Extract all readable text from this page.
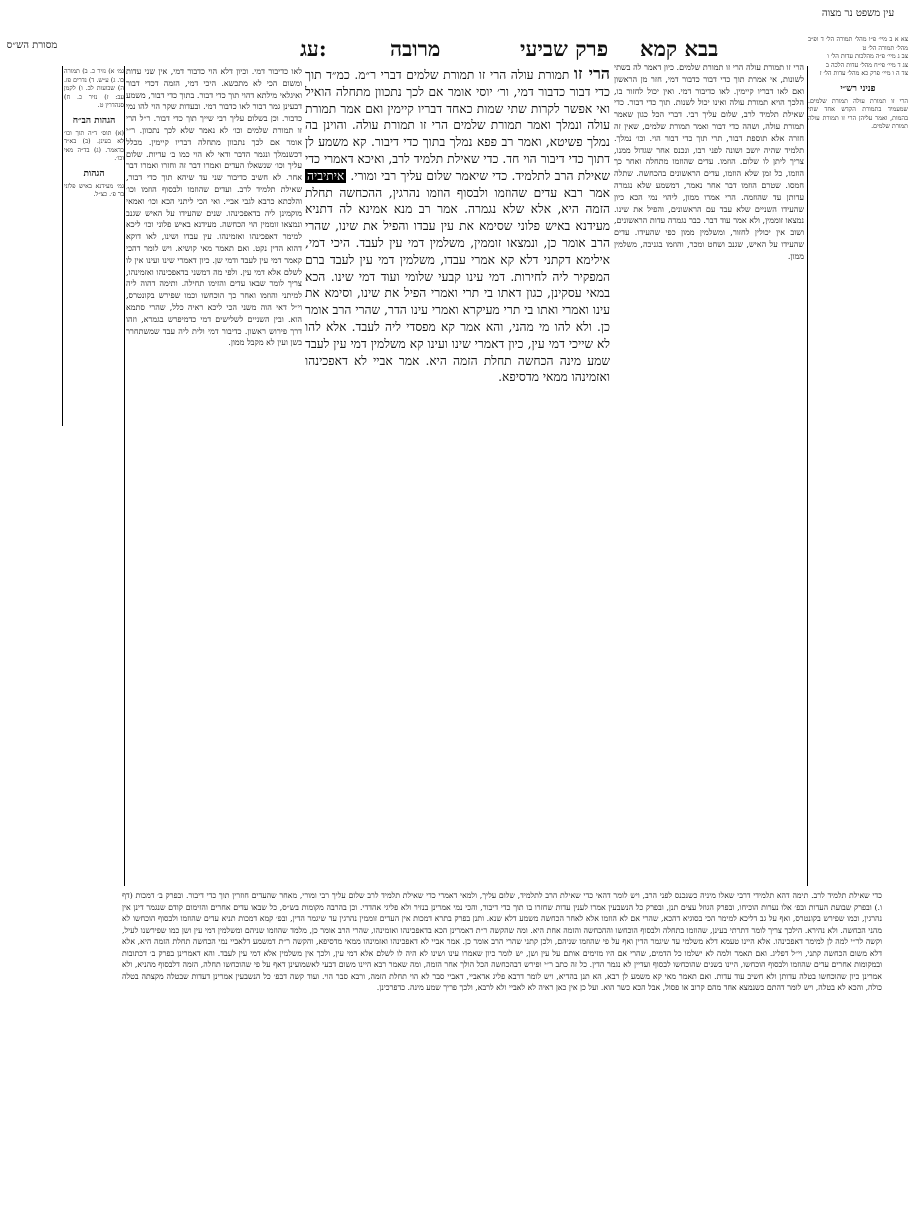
עין משפט נר מצוה
מסורת הש״ס	עג:	מרובה	פרק שביעי בבא קמא	צא א ב מיי׳ פ״ו מהל׳ תמורה הל׳ ד ופ״ב מהל׳ תמורה הל׳ ט

צב ג מיי׳ פ״ה מהלכות עדות הל׳ ו

צג ד מיי׳ פי״ח מהל׳ עדות הלכה ב

צד ה ו מיי׳ פרק כא מהל׳ עדות הל׳ ז

פניני רש״י

הרי זו תמורת עולה תמורת שלמים. שמעמיד בתמורת הקדש אחד שתי בהמות, ואמר עליהן הרי זו תמורת עולה תמורת שלמים.

גמ׳ א) נזיר כ. ב) תמורה כו. ג) ע״ש. ד) נדרים פז. ה) שבועות לב. ו) לקמן עב: ז) נזיר כ. ח) סנהדרין ט.

הגהות הב״ח

(א) תוס׳ ד״ה תוך וכו׳ לא בעינן. (ב) בא״ד כדאמר. (ג) בד״ה מאי וכו׳.

הגהות

גמ׳ מעידנא באיש פלוני בר פ׳. כצ״ל.

הרי זו תמורת עולה הרי זו תמורת שלמים. כיון דאמר לה בשתי לשונות, אי אמרת תוך כדי דבור כדבור דמי, חזר מן הראשון ואם לאו דבריו קיימין. לאו כדיבור דמי. ואין יכול לחזור בו, הלכך הויא תמורת עולה ואינו יכול לשנות. תוך כדי דבור. כדי שאילת תלמיד לרב, שלום עליך רבי. דברי הכל כגון שאמר תמורת עולה, ושהה כדי דבור ואמר תמורת שלמים, שאין זה חזרה אלא תוספת דבור, תרי תוך כדי דבור הוי. וכו׳ נמלך. תלמיד שהיה יושב ושונה לפני רבו, ונכנס אחר שגדול ממנו, צריך ליתן לו שלום. הוזמו. עדים שהוזמו מתחלה ואחר כך הוזמו, כל זמן שלא הוזמו, עדים הראשונים בהכחשה. שתלה חמסו. שטרם הוזמו דבר אחר נאמר, דמשמע שלא נגמרה עדותן עד שהוזמה. הרי אמרו ממון, ליהוי נמי הכא כיון שהעידו השניים שלא עבד עם הראשונים, והפיל את שינו. נמצאו זוממין, ולא אמר עוד דבר. כבר נגמרה עדות הראשונים, ושוב אין יכולין לחזור, ומשלמין ממון כפי שהעידו. עדים שהעידו על האיש, שגנב ושחט ומכר, והוזמו בגניבה, משלמין ממון.

הרי זו תמורת עולה הרי זו תמורת שלמים דברי ר״מ. כמ״ד תוך כדי דבור כדבור דמי, ור׳ יוסי אומר אם לכך נתכוון מתחלה הואיל ואי אפשר לקרות שתי שמות כאחד דבריו קיימין ואם אמר תמורת עולה ונמלך ואמר תמורת שלמים הרי זו תמורת עולה. והוינן בה נמלך פשיטא, ואמר רב פפא נמלך בתוך כדי דיבור. קא משמע לן דתוך כדי דיבור הוי חד. כדי שאילת תלמיד לרב, ואיכא דאמרי כדי שאילת הרב לתלמיד. כדי שיאמר שלום עליך רבי ומורי. איתיביה אמר רבא עדים שהוזמו ולבסוף הוזמו נהרגין, ההכחשה תחלת הזמה היא, אלא שלא נגמרה. אמר רב מנא אמינא לה דתניא מעידנא באיש פלוני שסימא את עין עבדו והפיל את שינו, שהרי הרב אומר כן, ונמצאו זוממין, משלמין דמי עין לעבד. היכי דמי, אילימא דקתני דלא קא אמרי עבדו, משלמין דמי עין לעבד ברם המפקיר ליה לחירות. דמי עינו קבעי שלומי ועוד דמי שינו. הכא במאי עסקינן, כגון דאתו בי תרי ואמרי הפיל את שינו, וסימא את עינו ואמרי ואתו בי תרי מעיקרא ואמרי עינו הדר, שהרי הרב אומר כן. ולא להו מי מהני, והא אמר קא מפסדי ליה לעבד. אלא להו לא שייכי דמי עין, כיון דאמרי שינו ועינו קא משלמין דמי עין לעבד שמע מינה הכחשה תחלת הזמה היא. אמר אביי לא דאפכינהו ואזמינהו ממאי מדסיפא.

לאו כדיבור דמי. וכיון דלא הוי כדבור דמי, אין שני עדות ומשום הכי לא מתכשא. היכי דמי, הזמה דכדי דבור ואיגלאי מילתא דהוי תוך כדי דבור. בתוך כדי דבור, משמע דבעינן גמר דבור לאו כדבור דמי. ובעדות שקר הוי להו נמי כדבור. וכן בשלום עליך רבי שייך תוך כדי דבור. ר״ל הרי זו תמורת שלמים וכו׳ לא נאמר שלא לכך נתכוון. ר״י אומר אם לכך נתכוון מתחלה דבריו קיימין. מכלל דכשנמלך ונגמר הדבר ודאי לא הוי כמו ב׳ עדיות. שלום עליך וכו׳ שנשאלו העדים ואמרו דבר זה וחזרו ואמרו דבר אחר. לא חשיב כדיבור שני עד שיהא תוך כדי דבור, שאילת תלמיד לרב. ועדים שהוזמו ולבסוף הוזמו וכו׳ והלכתא כרבא לגבי אביי. ואי הכי ליתני הכא וכו׳ ואמאי מוקמינן ליה בדאפכינהו. שנים שהעידו על האיש שגנב ונמצאו זוממין הוי הכחשה. מעידנא באיש פלוני וכו׳ ליכא למימר דאפכינהו ואזמינהו. עין עבדו ושינו, לאו דוקא דהוא הדין נקט. ואם תאמר מאי קושיא. ויש לומר דהכי קאמר דמי עין לעבד ודמי שן. כיון דאמרי שינו ועינו אין לו לשלם אלא דמי עין. ולפי מה דמשני בדאפכינהו ואזמינהו, צריך לומר שבאו עדים והזימו תחילה. ותימה דהוה ליה למיתני והוזמו ואחר כך הוכחשו וכמו שפירש בקונטרס, וי״ל דאי הוה משני הכי ליכא ראיה כלל, שהרי סתמא הוא. ובין השניים לשלישים דמי כדמיפרש בגמרא, וזהו דרך פירוש ראשון. כדיבור דמי ולית ליה עבד שמשתחרר בשן ועין לא מקבל ממון.

כדי שאילת תלמיד לרב. תימה דהא תלמידי דרבי שאלו מיניה כשנכנס לפני הרב, ויש לומר דהאי כדי שאילת הרב לתלמיד, שלום עליך, ולמאי דאמרי כדי שאילת תלמיד לרב שלום עליך רבי ומורי, מאחר שהעדים חוזרין תוך כדי דיבור. ובפרק ב׳ דמכות (דף ו.) ובפרק שבועת העדות ובפ׳ אלו נערות הוכיחו, ובפרק הגוזל עצים תנן, ובפרק כל הנשבעין אמרו לענין עדות שחזרו בו תוך כדי דיבור, והכי נמי אמרינן בנזיר ולא פליגי אהדדי. וכן בהרבה מקומות בש״ס, כל שבאו עדים אחרים והזימום קודם שנגמר דינן אין נהרגין, וכמו שפירש בקונטרס, ואף על גב דליכא למימר הכי בסוגיא דהכא, שהרי אם לא הוזמו אלא לאחר הכחשה משמע דלא שנא. ותנן בפרק בתרא דמכות אין העדים זוממין נהרגין עד שיגמר הדין, ובפ׳ קמא דמכות תניא עדים שהוזמו ולבסוף הוכחשו לא מהני הכחשה. ולא נהירא. הילכך צריך לומר דתרתי בעינן, שהוזמו בתחלה ולבסוף הוכחשו וההכחשה והזמה אחת היא. ומה שהקשה ר״ת דאמרינן הכא בדאפכינהו ואזמינהו, שהרי הרב אומר כן, מלמד שהוזמו שניהם ומשלמין דמי עין ושן כמו שפירשנו לעיל, וקשה לר״י למה לן למימר דאפכינהו. אלא היינו טעמא דלא משלמי עד שיגמר הדין ואף על פי שהוזמו שניהם, ולכן קתני שהרי הרב אומר כן. אמר אביי לא דאפכינהו ואזמינהו ממאי מדסיפא, והקשה ר״ת דמשמע דלאביי נמי הכחשה תחלת הזמה היא, אלא דלא משום הכחשה קתני, וי״ל דפליג. ואם תאמר ולמה לא ישלמו כל הדמים, שהרי אם היו מזימים אותם על עין ושן, יש לומר כיון שאמרו עינו ושינו לא היה לו לשלם אלא דמי עין, ולכך אין משלמין אלא דמי עין לעבד. והא דאמרינן בפרק ב׳ דכתובות ובמקומות אחרים עדים שהוזמו ולבסוף הוכחשו, היינו בשנים שהוכחשו לבסוף ועדיין לא נגמר הדין. כל זה כתב ר״י ופירש דבהכחשה הכל הולך אחר הזמה, ומה שאמר רבא היינו משום דבעי לאשמועינן דאף על פי שהוכחשו תחלה, הזמה דלבסוף מהניא, ולא אמרינן כיון שהוכחשו בטלה עדותן ולא חשיב עוד עדות. ואם תאמר מאי קא משמע לן רבא, הא תנן בהדיא, ויש לומר דרבא פליג אדאביי, דאביי סבר לא הוי תחלת הזמה, ורבא סבר הוי. ועוד קשה דבפ׳ כל הנשבעין אמרינן דעדות שבטלה מקצתה בטלה כולה, והכא לא בטלה, ויש לומר דהתם כשנמצא אחד מהם קרוב או פסול, אבל הכא כשר הוא. ועל כן אין כאן ראיה לא לאביי ולא לרבא, ולכך פריך שמע מינה. כדפרכינן.
